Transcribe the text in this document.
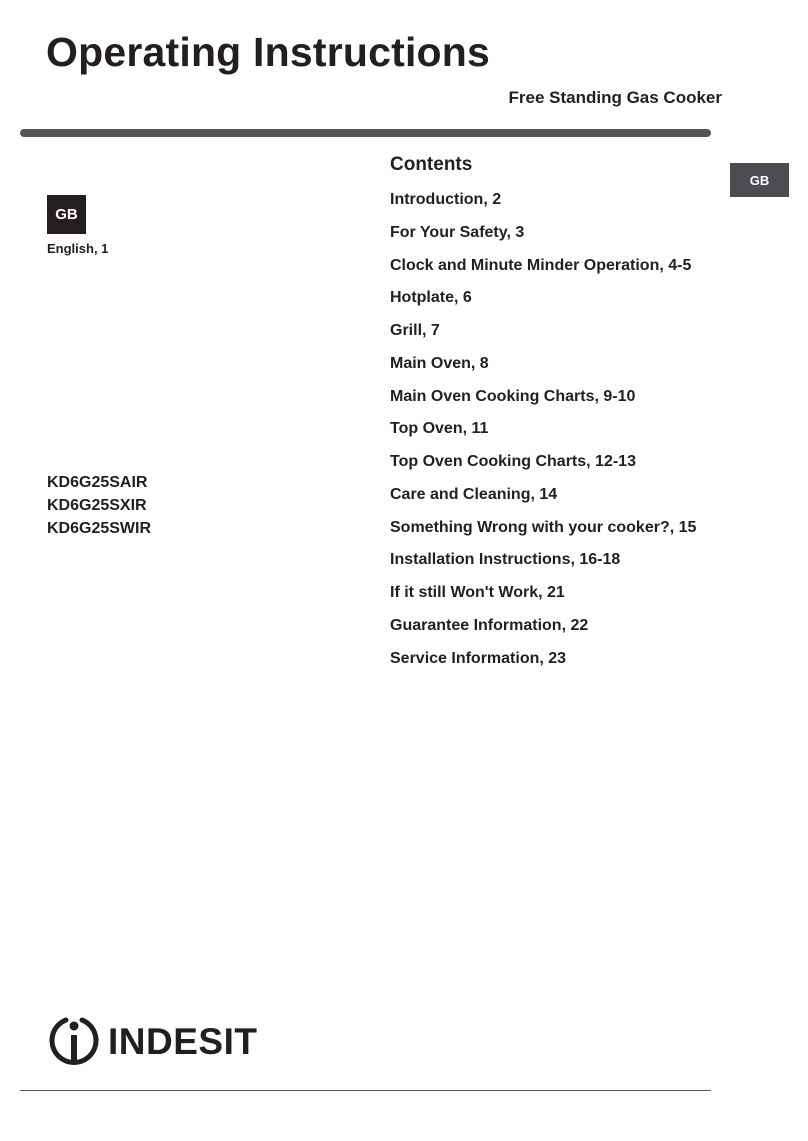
Operating Instructions
Free Standing Gas Cooker
GB
English, 1
GB
KD6G25SAIR
KD6G25SXIR
KD6G25SWIR
Contents
Introduction, 2
For Your Safety, 3
Clock and Minute Minder Operation, 4-5
Hotplate, 6
Grill, 7
Main Oven, 8
Main Oven Cooking Charts, 9-10
Top Oven, 11
Top Oven Cooking Charts, 12-13
Care and Cleaning, 14
Something Wrong with your cooker?, 15
Installation Instructions, 16-18
If it still Won't Work, 21
Guarantee Information, 22
Service Information, 23
INDESIT
